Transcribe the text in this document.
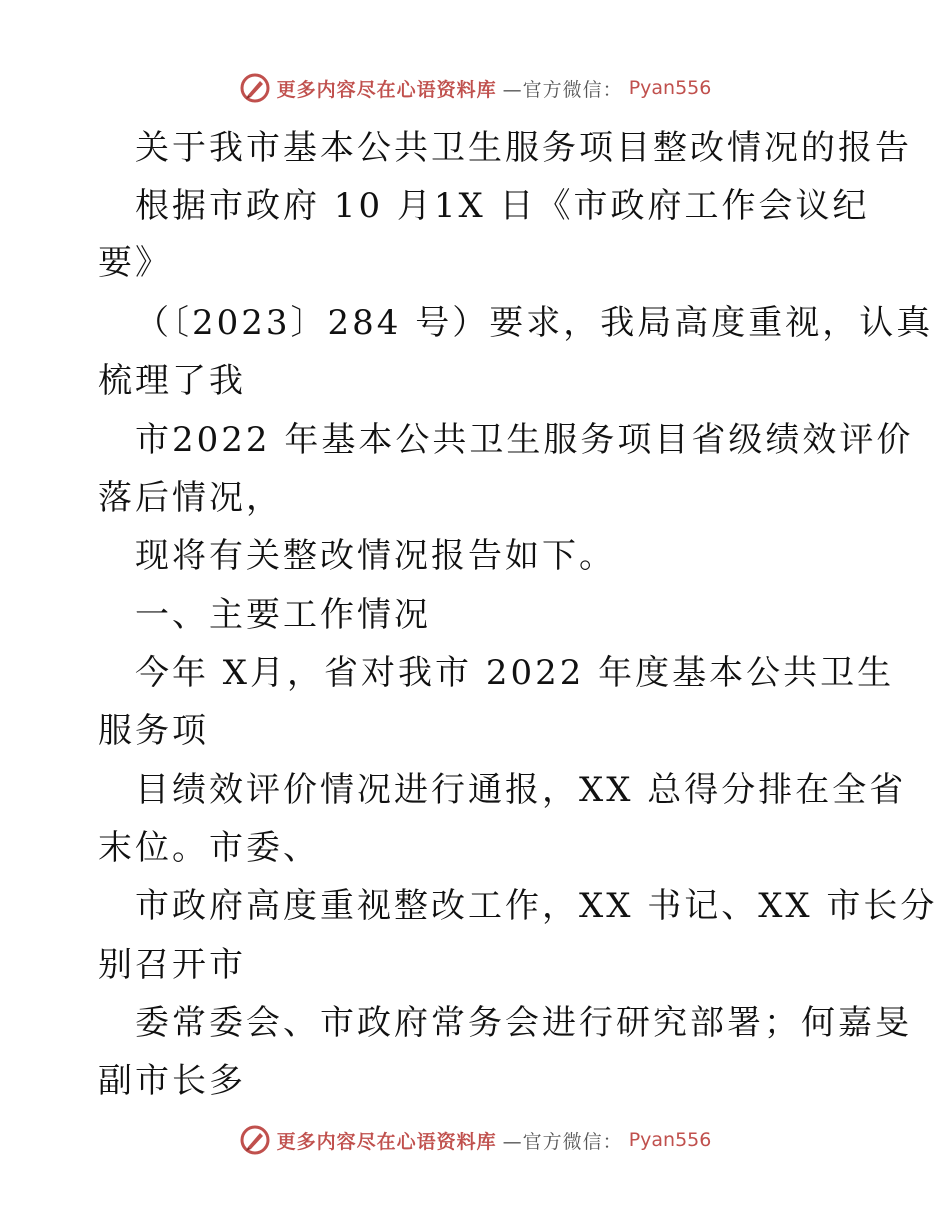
更多内容尽在心语资料库 —官方微信： Pyan556
关于我市基本公共卫生服务项目整改情况的报告
根据市政府 10 月1X 日《市政府工作会议纪
要》
（〔2023〕284 号）要求，我局高度重视，认真
梳理了我
市2022 年基本公共卫生服务项目省级绩效评价
落后情况，
现将有关整改情况报告如下。
一、主要工作情况
今年 X月，省对我市 2022 年度基本公共卫生
服务项
目绩效评价情况进行通报，XX 总得分排在全省
末位。市委、
市政府高度重视整改工作，XX 书记、XX 市长分
别召开市
委常委会、市政府常务会进行研究部署；何嘉旻
副市长多
更多内容尽在心语资料库 —官方微信： Pyan556
